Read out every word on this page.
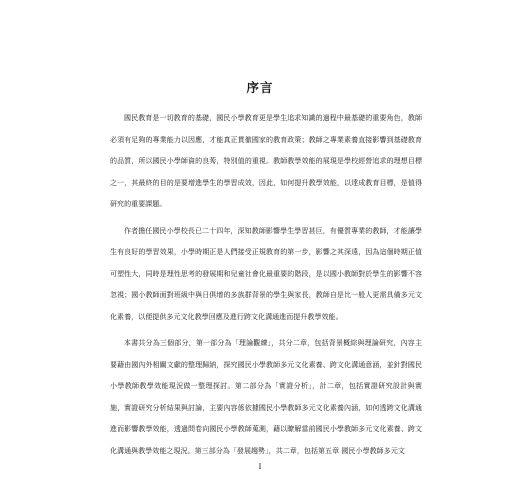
序言

國民教育是一切教育的基礎，國民小學教育更是學生追求知識的過程中最基礎的重要角色，教師必須有足夠的專業能力以因應，才能真正貫徹國家的教育政策；教師之專業素養直接影響到基礎教育的品質，所以國民小學師資的良莠，特別值的重視。教師教學效能的展現是學校經營追求的理想目標之一，其最終的目的是要增進學生的學習成效，因此，如何提升教學效能，以達成教育目標，是值得研究的重要課題。

作者擔任國民小學校長已二十四年，深知教師影響學生學習甚巨，有優質專業的教師，才能讓學生有良好的學習效果，小學時期正是人們接受正規教育的第一步，影響之其深遠，因為這個時期正值可塑性大，同時是理性思考的發展期和兒童社會化最重要的階段，是以國小教師對於學生的影響不容忽視；國小教師面對班級中與日俱增的多族群背景的學生與家長，教師自是比一般人更需具備多元文化素養，以便提供多元文化教學回應及進行跨文化溝通進而提升教學效能。

本書共分為三個部分，第一部分為「理論觀練」，共分二章，包括背景概綜與理論研究，內容主要藉由國內外相關文獻的整理歸納，探究國民小學教師多元文化素養、跨文化溝通意涵，並針對國民小學教師教學效能現況做一整理探討。第二部分為「實證分析」，計二章，包括實證研究設計與實施，實證研究分析結果與討論，主要內容係依據國民小學教師多元文化素養內涵，如何透跨文化溝通進而影響教學效能，透過問卷向國民小學教師蒐測，藉以瞭解當前國民小學教師多元文化素養、跨文化溝通與教學效能之現況。第三部分為「發展趨勢」，共二章，包括第五章 國民小學教師多元文

I
